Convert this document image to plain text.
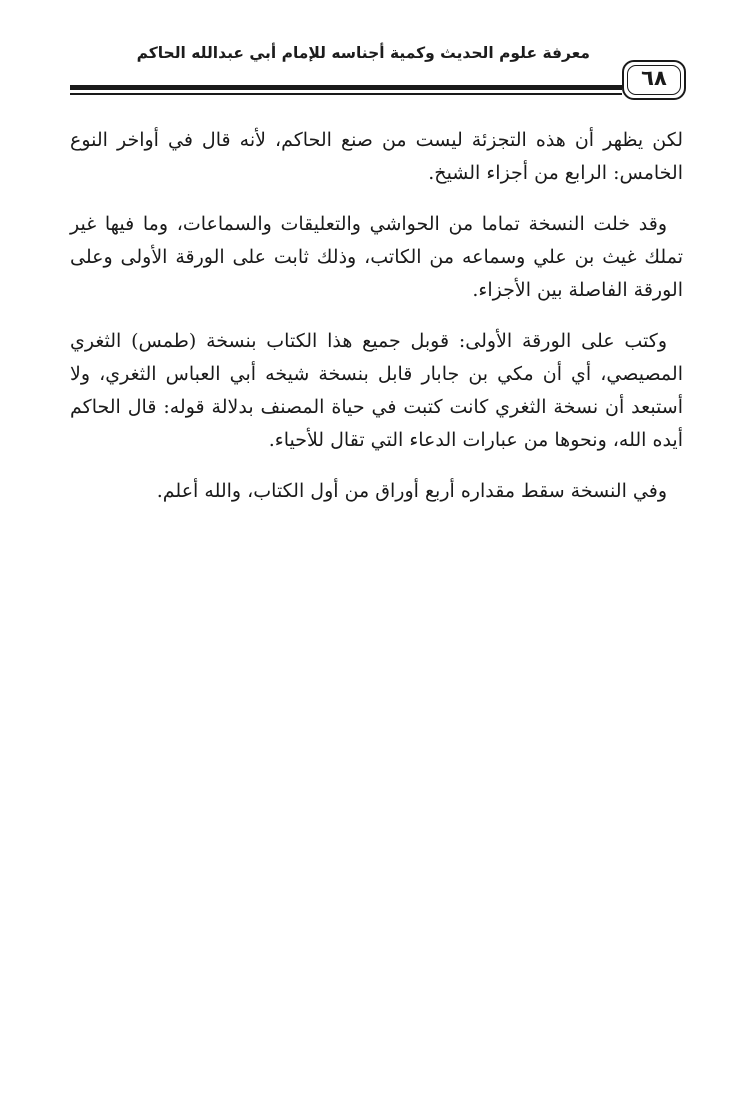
معرفة علوم الحديث وكمية أجناسه للإمام أبي عبدالله الحاكم
٦٨

لكن يظهر أن هذه التجزئة ليست من صنع الحاكم، لأنه قال في أواخر النوع الخامس: الرابع من أجزاء الشيخ.

وقد خلت النسخة تماما من الحواشي والتعليقات والسماعات، وما فيها غير تملك غيث بن علي وسماعه من الكاتب، وذلك ثابت على الورقة الأولى وعلى الورقة الفاصلة بين الأجزاء.

وكتب على الورقة الأولى: قوبل جميع هذا الكتاب بنسخة (طمس) الثغري المصيصي، أي أن مكي بن جابار قابل بنسخة شيخه أبي العباس الثغري، ولا أستبعد أن نسخة الثغري كانت كتبت في حياة المصنف بدلالة قوله: قال الحاكم أيده الله، ونحوها من عبارات الدعاء التي تقال للأحياء.

وفي النسخة سقط مقداره أربع أوراق من أول الكتاب، والله أعلم.
